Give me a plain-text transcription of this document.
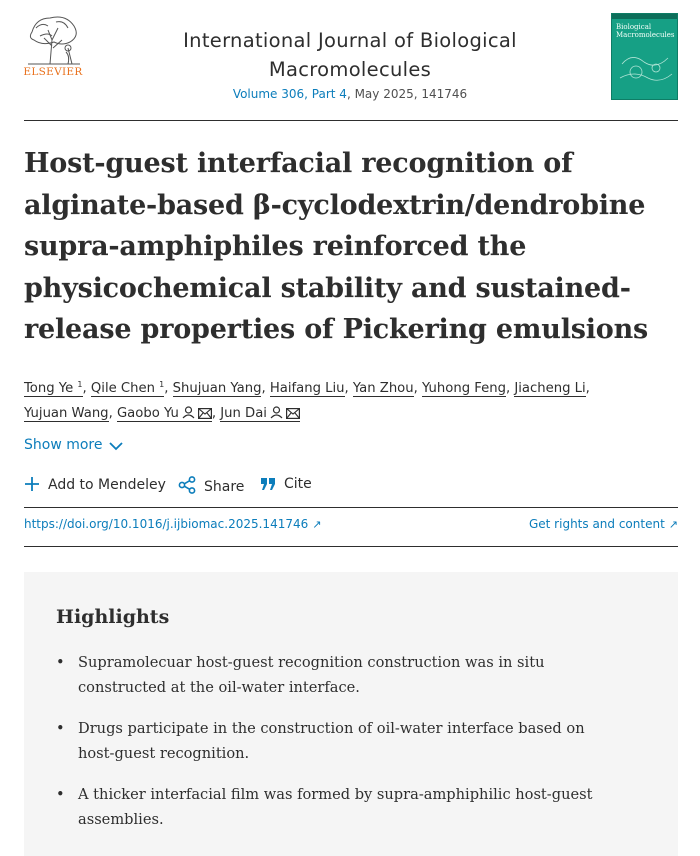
ELSEVIER
International Journal of Biological Macromolecules
Volume 306, Part 4, May 2025, 141746
Biological Macromolecules
Host-guest interfacial recognition of alginate-based β-cyclodextrin/dendrobine supra-amphiphiles reinforced the physicochemical stability and sustained-release properties of Pickering emulsions
Tong Ye $^1$, Qile Chen $^1$, Shujuan Yang, Haifang Liu, Yan Zhou, Yuhong Feng, Jiacheng Li,
Yujuan Wang, Gaobo Yu	, Jun Dai
Show more
Add to Mendeley	Share	Cite
https://doi.org/10.1016/j.ijbiomac.2025.141746 ↗	Get rights and content ↗
Highlights
• Supramolecuar host-guest recognition construction was in situ constructed at the oil-water interface.
• Drugs participate in the construction of oil-water interface based on host-guest recognition.
• A thicker interfacial film was formed by supra-amphiphilic host-guest assemblies.
